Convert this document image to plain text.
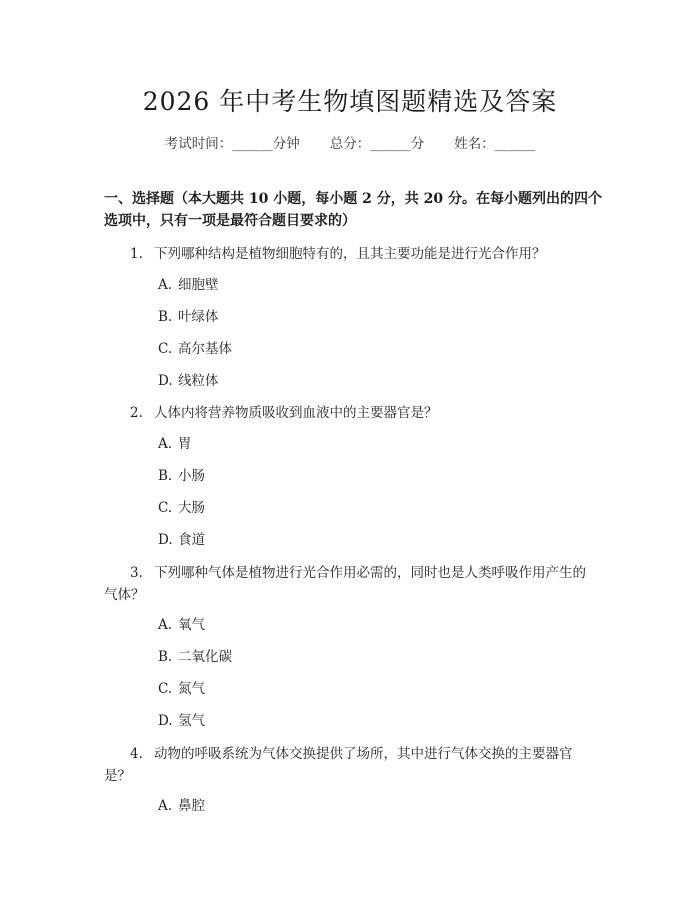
2026 年中考生物填图题精选及答案
考试时间：______分钟 总分：______分 姓名：______
一、选择题（本大题共 10 小题，每小题 2 分，共 20 分。在每小题列出的四个选项中，只有一项是最符合题目要求的）
1. 下列哪种结构是植物细胞特有的，且其主要功能是进行光合作用？
A. 细胞壁
B. 叶绿体
C. 高尔基体
D. 线粒体
2. 人体内将营养物质吸收到血液中的主要器官是？
A. 胃
B. 小肠
C. 大肠
D. 食道
3. 下列哪种气体是植物进行光合作用必需的，同时也是人类呼吸作用产生的气体？
A. 氧气
B. 二氧化碳
C. 氮气
D. 氢气
4. 动物的呼吸系统为气体交换提供了场所，其中进行气体交换的主要器官是？
A. 鼻腔
